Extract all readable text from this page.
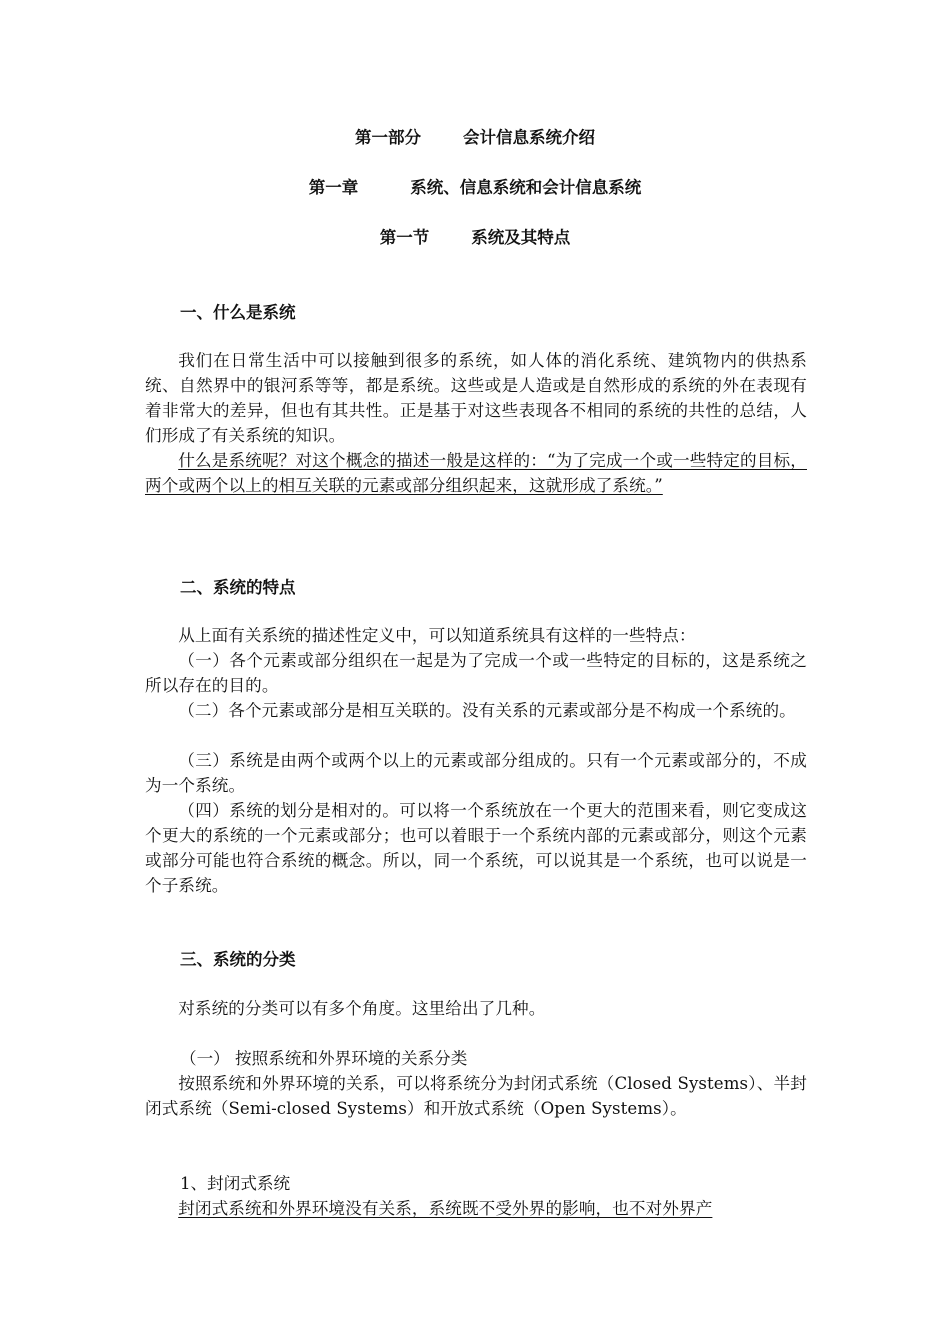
第一部分	会计信息系统介绍

第一章	系统、信息系统和会计信息系统

第一节	系统及其特点

一、什么是系统

我们在日常生活中可以接触到很多的系统，如人体的消化系统、建筑物内的供热系统、自然界中的银河系等等，都是系统。这些或是人造或是自然形成的系统的外在表现有着非常大的差异，但也有其共性。正是基于对这些表现各不相同的系统的共性的总结，人们形成了有关系统的知识。

什么是系统呢？对这个概念的描述一般是这样的：“为了完成一个或一些特定的目标，两个或两个以上的相互关联的元素或部分组织起来，这就形成了系统。”

二、系统的特点

从上面有关系统的描述性定义中，可以知道系统具有这样的一些特点：

（一）各个元素或部分组织在一起是为了完成一个或一些特定的目标的，这是系统之所以存在的目的。

（二）各个元素或部分是相互关联的。没有关系的元素或部分是不构成一个系统的。

（三）系统是由两个或两个以上的元素或部分组成的。只有一个元素或部分的，不成为一个系统。

（四）系统的划分是相对的。可以将一个系统放在一个更大的范围来看，则它变成这个更大的系统的一个元素或部分；也可以着眼于一个系统内部的元素或部分，则这个元素或部分可能也符合系统的概念。所以，同一个系统，可以说其是一个系统，也可以说是一个子系统。

三、系统的分类

对系统的分类可以有多个角度。这里给出了几种。

（一） 按照系统和外界环境的关系分类

按照系统和外界环境的关系，可以将系统分为封闭式系统（Closed Systems）、半封闭式系统（Semi-closed Systems）和开放式系统（Open Systems）。

1、封闭式系统

封闭式系统和外界环境没有关系，系统既不受外界的影响，也不对外界产
